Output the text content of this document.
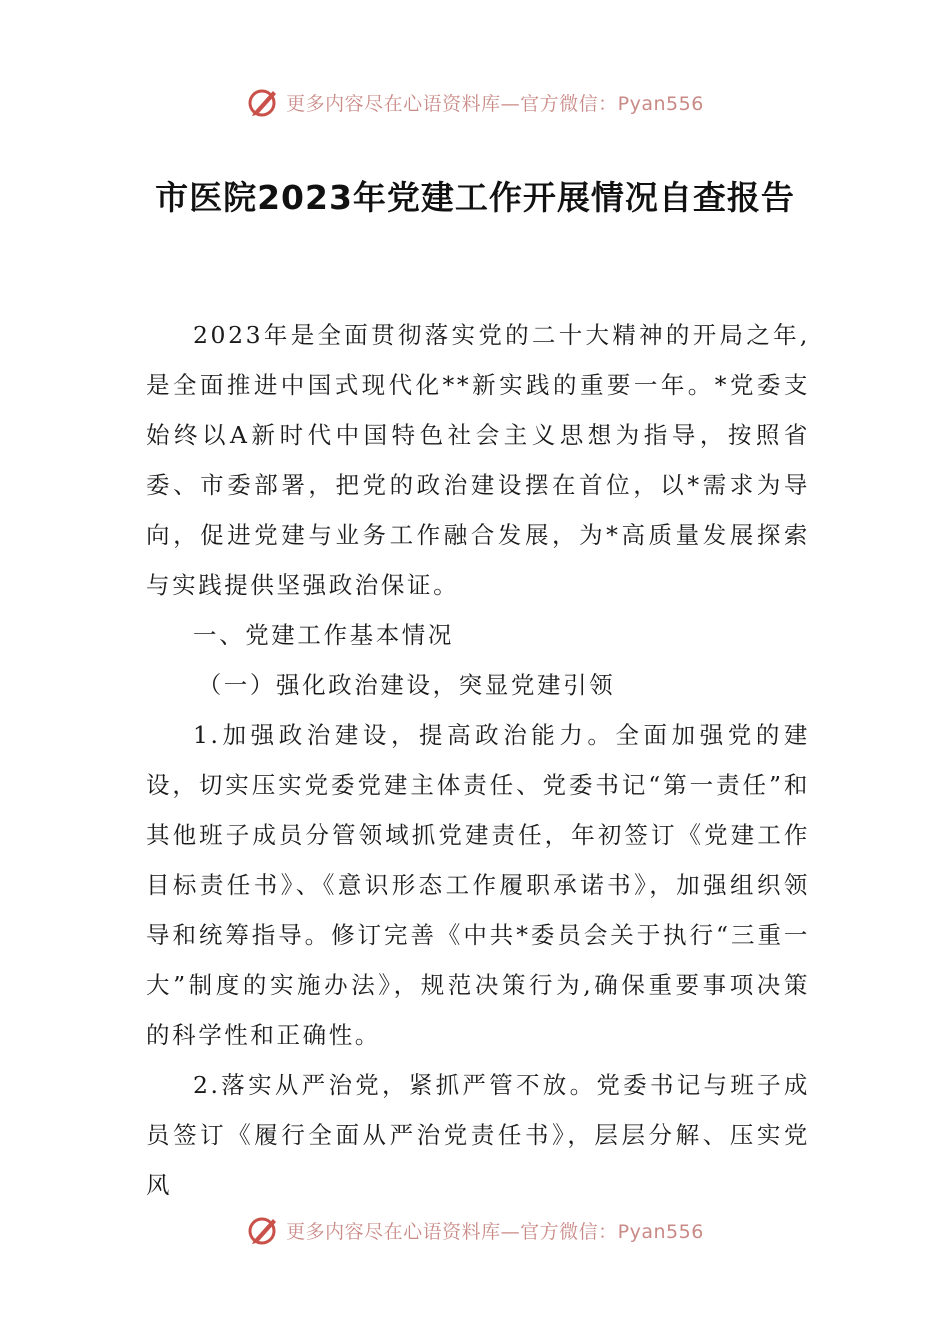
更多内容尽在心语资料库—官方微信：Pyan556
市医院2023年党建工作开展情况自查报告

2023年是全面贯彻落实党的二十大精神的开局之年,是全面推进中国式现代化**新实践的重要一年。*党委支始终以A新时代中国特色社会主义思想为指导，按照省委、市委部署，把党的政治建设摆在首位，以*需求为导向，促进党建与业务工作融合发展，为*高质量发展探索与实践提供坚强政治保证。

一、党建工作基本情况

（一）强化政治建设，突显党建引领

1.加强政治建设，提高政治能力。全面加强党的建设，切实压实党委党建主体责任、党委书记“第一责任”和其他班子成员分管领域抓党建责任，年初签订《党建工作目标责任书》、《意识形态工作履职承诺书》，加强组织领导和统筹指导。修订完善《中共*委员会关于执行“三重一大”制度的实施办法》，规范决策行为,确保重要事项决策的科学性和正确性。

2.落实从严治党，紧抓严管不放。党委书记与班子成员签订《履行全面从严治党责任书》，层层分解、压实党风

更多内容尽在心语资料库—官方微信：Pyan556
